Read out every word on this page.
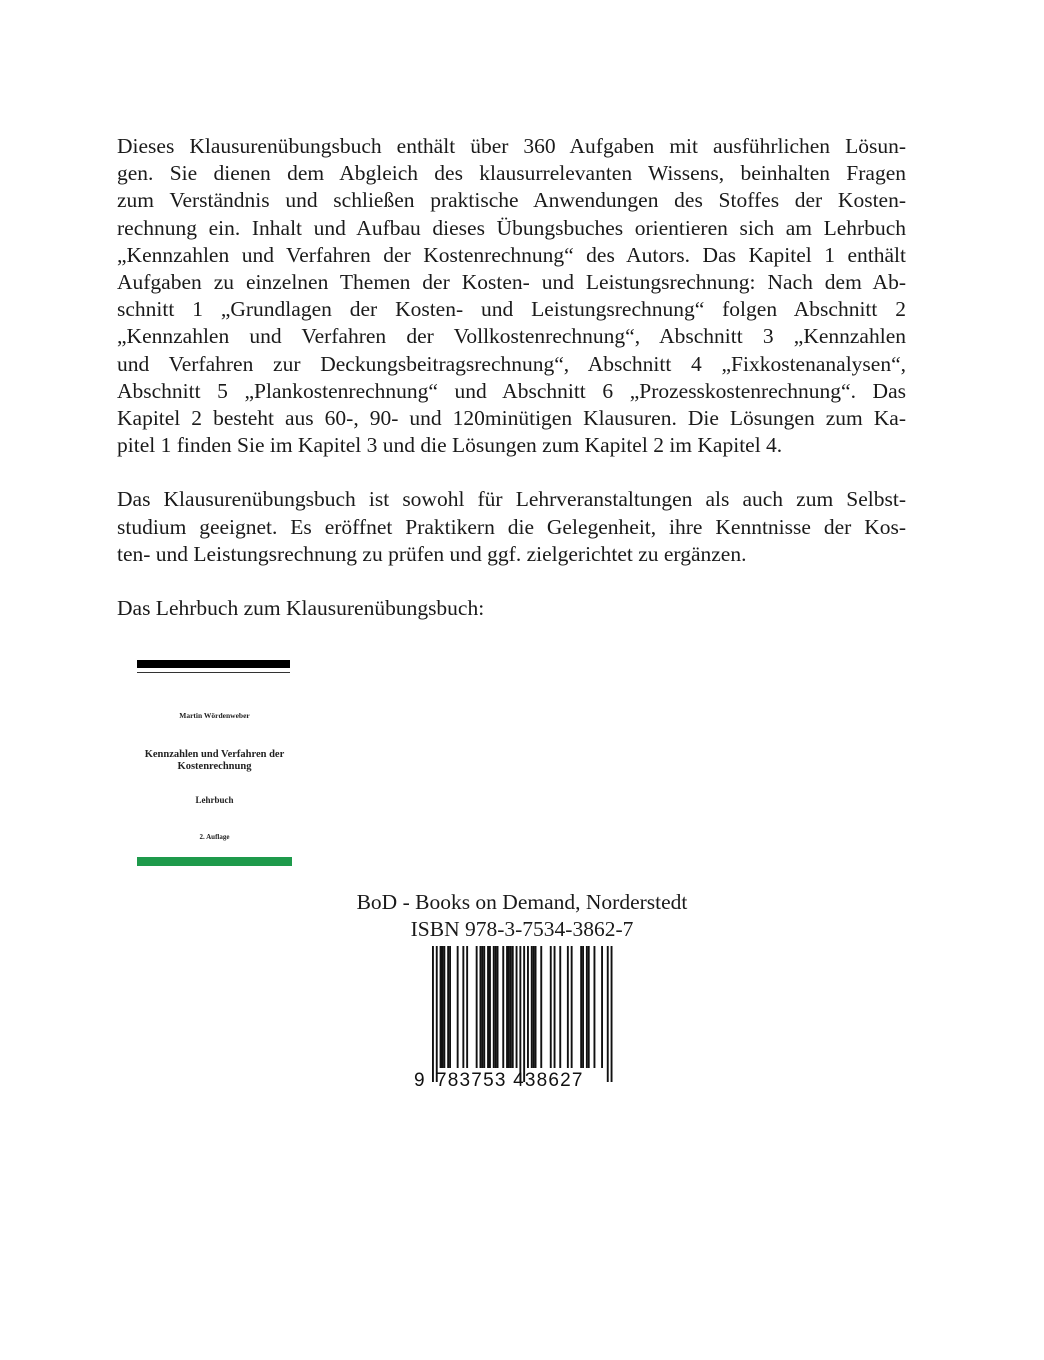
Dieses Klausurenübungsbuch enthält über 360 Aufgaben mit ausführlichen Lösun-
gen. Sie dienen dem Abgleich des klausurrelevanten Wissens, beinhalten Fragen
zum Verständnis und schließen praktische Anwendungen des Stoffes der Kosten-
rechnung ein. Inhalt und Aufbau dieses Übungsbuches orientieren sich am Lehrbuch
„Kennzahlen und Verfahren der Kostenrechnung“ des Autors. Das Kapitel 1 enthält
Aufgaben zu einzelnen Themen der Kosten- und Leistungsrechnung: Nach dem Ab-
schnitt 1 „Grundlagen der Kosten- und Leistungsrechnung“ folgen Abschnitt 2
„Kennzahlen und Verfahren der Vollkostenrechnung“, Abschnitt 3 „Kennzahlen
und Verfahren zur Deckungsbeitragsrechnung“, Abschnitt 4 „Fixkostenanalysen“,
Abschnitt 5 „Plankostenrechnung“ und Abschnitt 6 „Prozesskostenrechnung“. Das
Kapitel 2 besteht aus 60-, 90- und 120minütigen Klausuren. Die Lösungen zum Ka-
pitel 1 finden Sie im Kapitel 3 und die Lösungen zum Kapitel 2 im Kapitel 4.
Das Klausurenübungsbuch ist sowohl für Lehrveranstaltungen als auch zum Selbst-
studium geeignet. Es eröffnet Praktikern die Gelegenheit, ihre Kenntnisse der Kos-
ten- und Leistungsrechnung zu prüfen und ggf. zielgerichtet zu ergänzen.
Das Lehrbuch zum Klausurenübungsbuch:
Martin Wördenweber
Kennzahlen und Verfahren der
Kostenrechnung
Lehrbuch
2. Auflage
BoD - Books on Demand, Norderstedt
ISBN 978-3-7534-3862-7
9 783753 438627
